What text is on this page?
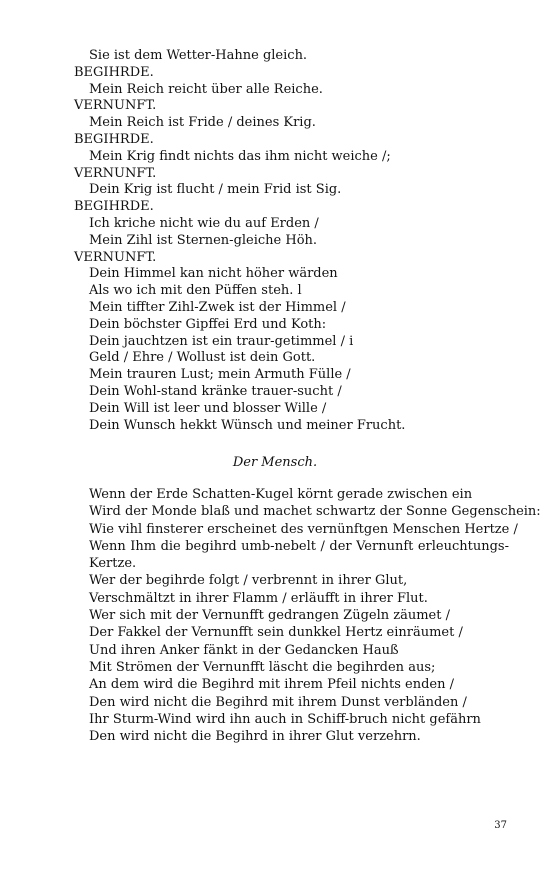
Sie ist dem Wetter-Hahne gleich.
BEGIHRDE.
Mein Reich reicht über alle Reiche.
VERNUNFT.
Mein Reich ist Fride / deines Krig.
BEGIHRDE.
Mein Krig findt nichts das ihm nicht weiche /;
VERNUNFT.
Dein Krig ist flucht / mein Frid ist Sig.
BEGIHRDE.
Ich kriche nicht wie du auf Erden /
Mein Zihl ist Sternen-gleiche Höh.
VERNUNFT.
Dein Himmel kan nicht höher wärden
Als wo ich mit den Püffen steh. l
Mein tiffter Zihl-Zwek ist der Himmel /
Dein böchster Gipffei Erd und Koth:
Dein jauchtzen ist ein traur-getimmel / i
Geld / Ehre / Wollust ist dein Gott.
Mein trauren Lust; mein Armuth Fülle /
Dein Wohl-stand kränke trauer-sucht /
Dein Will ist leer und blosser Wille /
Dein Wunsch hekkt Wünsch und meiner Frucht.
Der Mensch.
Wenn der Erde Schatten-Kugel körnt gerade zwischen ein
Wird der Monde blaß und machet schwartz der Sonne Gegenschein:
Wie vihl finsterer erscheinet des vernünftgen Menschen Hertze /
Wenn Ihm die begihrd umb-nebelt / der Vernunft erleuchtungs-
Kertze.
Wer der begihrde folgt / verbrennt in ihrer Glut,
Verschmältzt in ihrer Flamm / erläufft in ihrer Flut.
Wer sich mit der Vernunfft gedrangen Zügeln zäumet /
Der Fakkel der Vernunfft sein dunkkel Hertz einräumet /
Und ihren Anker fänkt in der Gedancken Hauß
Mit Strömen der Vernunfft läscht die begihrden aus;
An dem wird die Begihrd mit ihrem Pfeil nichts enden /
Den wird nicht die Begihrd mit ihrem Dunst verbländen /
Ihr Sturm-Wind wird ihn auch in Schiff-bruch nicht gefährn
Den wird nicht die Begihrd in ihrer Glut verzehrn.
37
